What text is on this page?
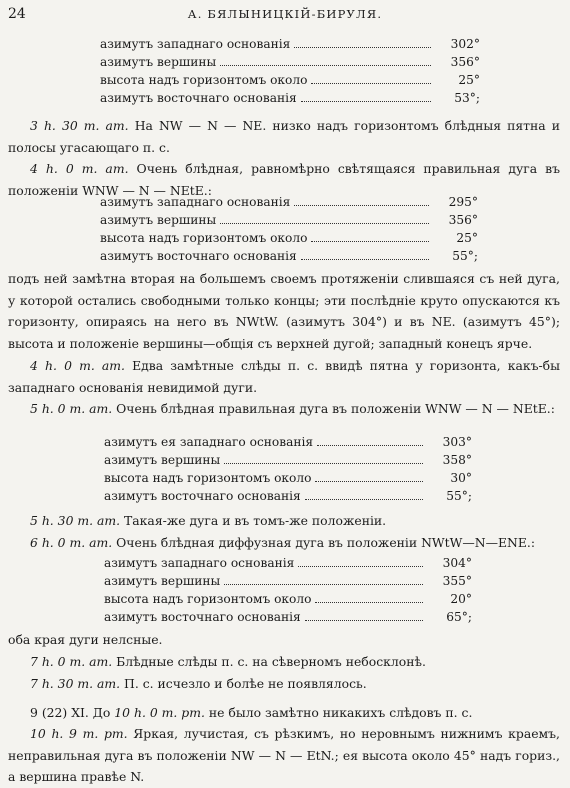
24	А. БЯЛЫНИЦКІЙ-БИРУЛЯ.
азимутъ западнаго основанія	302°
азимутъ вершины	356°
высота надъ горизонтомъ около	25°
азимутъ восточнаго основанія	53°;

3 h. 30 m. am. На NW — N — NE. низко надъ горизонтомъ блѣдныя пятна и полосы угасающаго п. с.

4 h. 0 m. am. Очень блѣдная, равномѣрно свѣтящаяся правильная дуга въ положеніи WNW — N — NEtE.:

азимутъ западнаго основанія	295°
азимутъ вершины	356°
высота надъ горизонтомъ около	25°
азимутъ восточнаго основанія	55°;

подъ ней замѣтна вторая на большемъ своемъ протяженіи слившаяся съ ней дуга, у которой остались свободными только концы; эти послѣдніе круто опускаются къ горизонту, опираясь на него въ NWtW. (азимутъ 304°) и въ NE. (азимутъ 45°); высота и положеніе вершины—общія съ верхней дугой; западный конецъ ярче.

4 h. 0 m. am. Едва замѣтные слѣды п. с. ввидѣ пятна у горизонта, какъ-бы западнаго основанія невидимой дуги.

5 h. 0 m. am. Очень блѣдная правильная дуга въ положеніи WNW — N — NEtE.:

азимутъ ея западнаго основанія	303°
азимутъ вершины	358°
высота надъ горизонтомъ около	30°
азимутъ восточнаго основанія	55°;

5 h. 30 m. am. Такая-же дуга и въ томъ-же положеніи.

6 h. 0 m. am. Очень блѣдная диффузная дуга въ положеніи NWtW—N—ENE.:

азимутъ западнаго основанія	304°
азимутъ вершины	355°
высота надъ горизонтомъ около	20°
азимутъ восточнаго основанія	65°;

оба края дуги нелсные.

7 h. 0 m. am. Блѣдные слѣды п. с. на сѣверномъ небосклонѣ.

7 h. 30 m. am. П. с. исчезло и болѣе не появлялось.

9 (22) XI. До 10 h. 0 m. pm. не было замѣтно никакихъ слѣдовъ п. с.

10 h. 9 m. pm. Яркая, лучистая, съ рѣзкимъ, но неровнымъ нижнимъ краемъ, неправильная дуга въ положеніи NW — N — EtN.; ея высота около 45° надъ гориз., а вершина правѣе N.
